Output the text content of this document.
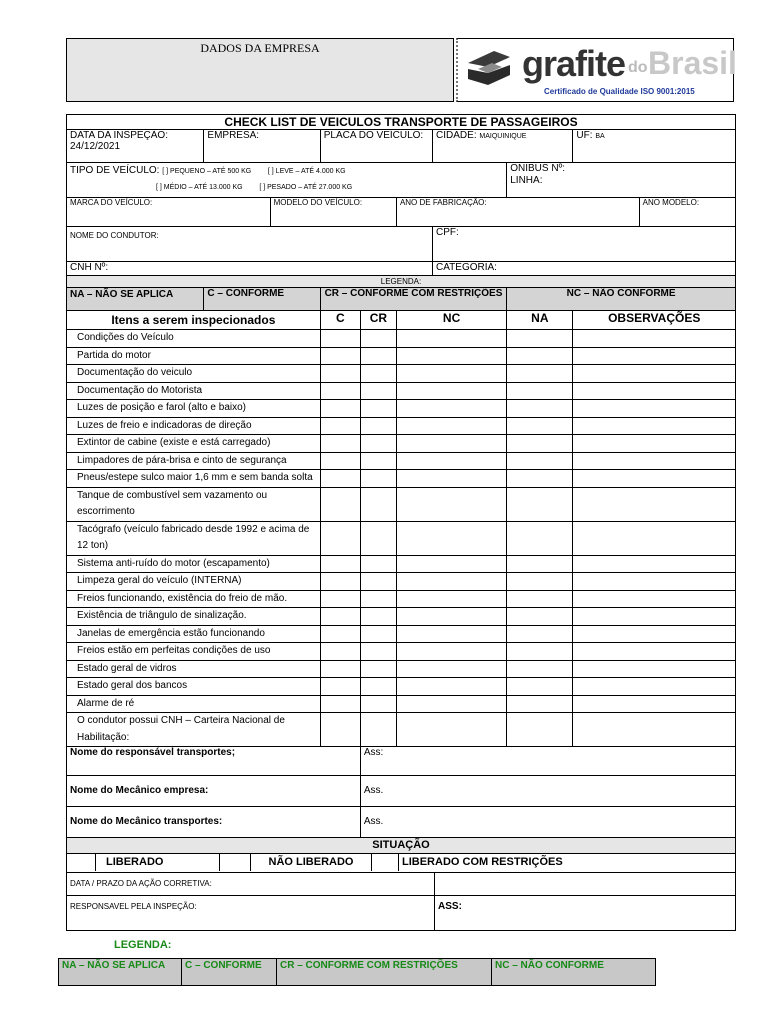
DADOS DA EMPRESA	grafite do Brasil
Certificado de Qualidade ISO 9001:2015
CHECK LIST DE VEICULOS TRANSPORTE DE PASSAGEIROS
DATA DA INSPEÇÃO:
24/12/2021	EMPRESA:	PLACA DO VEÍCULO:	CIDADE: MAIQUINIQUE	UF: BA
TIPO DE VEÍCULO: [ ] PEQUENO – ATÉ 500 KG [ ] LEVE – ATÉ 4.000 KG
[ ] MÉDIO – ATÉ 13.000 KG [ ] PESADO – ATÉ 27.000 KG	ONIBUS Nº:
LINHA:
MARCA DO VEÍCULO:	MODELO DO VEÍCULO:	ANO DE FABRICAÇÃO:	ANO MODELO:
NOME DO CONDUTOR:	CPF:
CNH Nº:	CATEGORIA:
LEGENDA:
NA – NÃO SE APLICA	C – CONFORME	CR – CONFORME COM RESTRIÇÕES	NC – NÃO CONFORME
Itens a serem inspecionados	C	CR	NC	NA	OBSERVAÇÕES
Condições do Veículo					
Partida do motor					
Documentação do veiculo					
Documentação do Motorista					
Luzes de posição e farol (alto e baixo)					
Luzes de freio e indicadoras de direção					
Extintor de cabine (existe e está carregado)					
Limpadores de pára-brisa e cinto de segurança					
Pneus/estepe sulco maior 1,6 mm e sem banda solta					
Tanque de combustível sem vazamento ou escorrimento					
Tacógrafo (veículo fabricado desde 1992 e acima de 12 ton)					
Sistema anti-ruído do motor (escapamento)					
Limpeza geral do veículo (INTERNA)					
Freios funcionando, existência do freio de mão.					
Existência de triângulo de sinalização.					
Janelas de emergência estão funcionando					
Freios estão em perfeitas condições de uso					
Estado geral de vidros					
Estado geral dos bancos					
Alarme de ré					
O condutor possui CNH – Carteira Nacional de Habilitação:					
Nome do responsável transportes;	Ass:
Nome do Mecânico empresa:	Ass.
Nome do Mecânico transportes:	Ass.
SITUAÇÃO

	LIBERADO		NÃO LIBERADO		LIBERADO COM RESTRIÇÕES

DATA / PRAZO DA AÇÃO CORRETIVA:	
RESPONSAVEL PELA INSPEÇÃO:	ASS:
LEGENDA:
NA – NÃO SE APLICA	C – CONFORME	CR – CONFORME COM RESTRIÇÕES	NC – NÃO CONFORME
